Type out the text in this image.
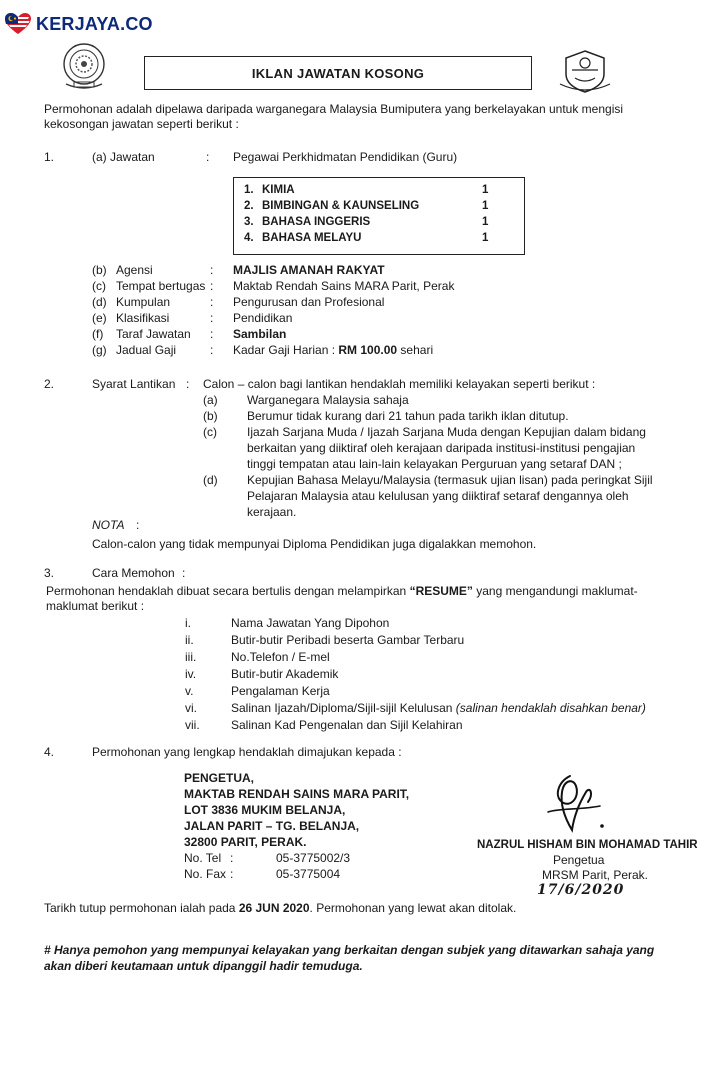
KERJAYA.CO
IKLAN JAWATAN KOSONG
Permohonan adalah dipelawa daripada warganegara Malaysia Bumiputera yang berkelayakan untuk mengisi
kekosongan jawatan seperti berikut :
1.	(a) Jawatan	: Pegawai Perkhidmatan Pendidikan (Guru)
1. KIMIA	1
2. BIMBINGAN & KAUNSELING	1
3. BAHASA INGGERIS	1
4. BAHASA MELAYU	1
(b) Agensi	: MAJLIS AMANAH RAKYAT
(c) Tempat bertugas : Maktab Rendah Sains MARA Parit, Perak
(d) Kumpulan	: Pengurusan dan Profesional
(e) Klasifikasi	: Pendidikan
(f) Taraf Jawatan : Sambilan
(g) Jadual Gaji	: Kadar Gaji Harian : RM 100.00 sehari
2.	Syarat Lantikan : Calon – calon bagi lantikan hendaklah memiliki kelayakan seperti berikut :
(a) Warganegara Malaysia sahaja
(b) Berumur tidak kurang dari 21 tahun pada tarikh iklan ditutup.
(c)	Ijazah Sarjana Muda / Ijazah Sarjana Muda dengan Kepujian dalam bidang
berkaitan yang diiktiraf oleh kerajaan daripada institusi-institusi pengajian
tinggi tempatan atau lain-lain kelayakan Perguruan yang setaraf DAN ;
(d) Kepujian Bahasa Melayu/Malaysia (termasuk ujian lisan) pada peringkat Sijil
Pelajaran Malaysia atau kelulusan yang diiktiraf setaraf dengannya oleh
kerajaan.
NOTA :
Calon-calon yang tidak mempunyai Diploma Pendidikan juga digalakkan memohon.
3.	Cara Memohon :
Permohonan hendaklah dibuat secara bertulis dengan melampirkan “RESUME” yang mengandungi maklumat-
maklumat berikut :
i.	Nama Jawatan Yang Dipohon
ii.	Butir-butir Peribadi beserta Gambar Terbaru
iii.	No.Telefon / E-mel
iv.	Butir-butir Akademik
v.	Pengalaman Kerja
vi.	Salinan Ijazah/Diploma/Sijil-sijil Kelulusan (salinan hendaklah disahkan benar)
vii.	Salinan Kad Pengenalan dan Sijil Kelahiran
4.	Permohonan yang lengkap hendaklah dimajukan kepada :
PENGETUA,
MAKTAB RENDAH SAINS MARA PARIT,
LOT 3836 MUKIM BELANJA,
JALAN PARIT – TG. BELANJA,
32800 PARIT, PERAK.
No. Tel :	05-3775002/3
No. Fax :	05-3775004
NAZRUL HISHAM BIN MOHAMAD TAHIR
Pengetua
MRSM Parit, Perak.
17/6/2020
Tarikh tutup permohonan ialah pada 26 JUN 2020. Permohonan yang lewat akan ditolak.
# Hanya pemohon yang mempunyai kelayakan yang berkaitan dengan subjek yang ditawarkan sahaja yang
akan diberi keutamaan untuk dipanggil hadir temuduga.
